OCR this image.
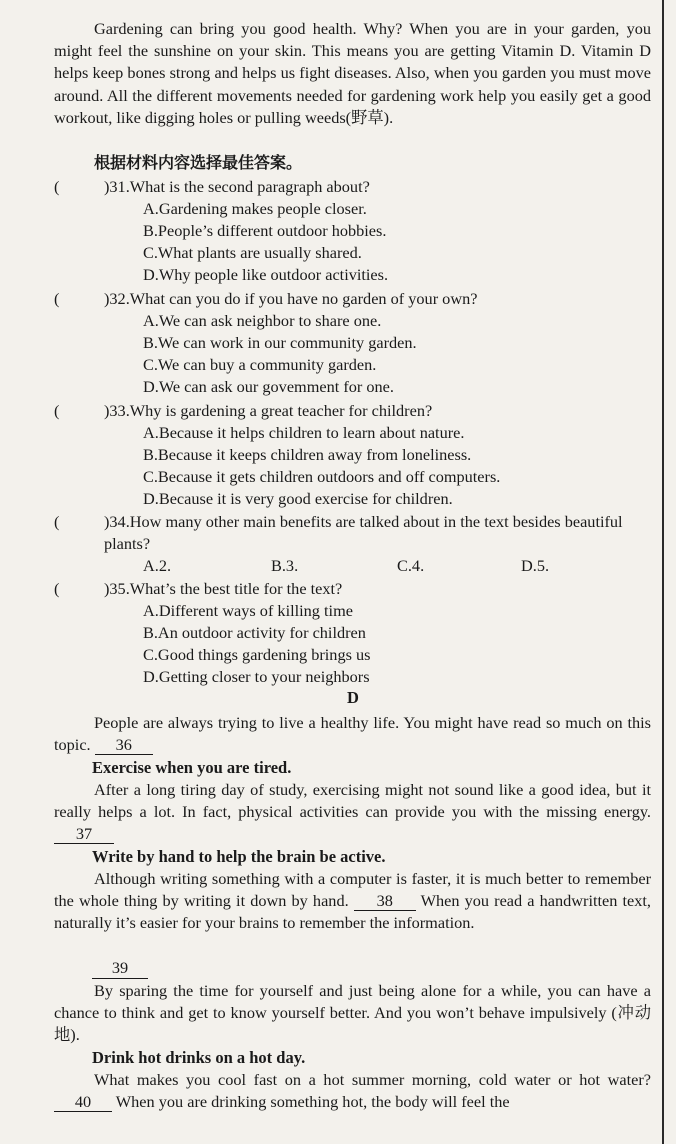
Gardening can bring you good health. Why? When you are in your garden, you might feel the sunshine on your skin. This means you are getting Vitamin D. Vitamin D helps keep bones strong and helps us fight diseases. Also, when you garden you must move around. All the different movements needed for gardening work help you easily get a good workout, like digging holes or pulling weeds(野草).

根据材料内容选择最佳答案。
(	)31.What is the second paragraph about?
A.Gardening makes people closer.
B.People’s different outdoor hobbies.
C.What plants are usually shared.
D.Why people like outdoor activities.
(	)32.What can you do if you have no garden of your own?
A.We can ask neighbor to share one.
B.We can work in our community garden.
C.We can buy a community garden.
D.We can ask our govemment for one.
(	)33.Why is gardening a great teacher for children?
A.Because it helps children to learn about nature.
B.Because it keeps children away from loneliness.
C.Because it gets children outdoors and off computers.
D.Because it is very good exercise for children.
(	)34.How many other main benefits are talked about in the text besides beautiful plants?
A.2.	B.3.	C.4.	D.5.
(	)35.What’s the best title for the text?
A.Different ways of killing time
B.An outdoor activity for children
C.Good things gardening brings us
D.Getting closer to your neighbors
D

People are always trying to live a healthy life. You might have read so much on this topic. 36

Exercise when you are tired.

After a long tiring day of study, exercising might not sound like a good idea, but it really helps a lot. In fact, physical activities can provide you with the missing energy. 37

Write by hand to help the brain be active.

Although writing something with a computer is faster, it is much better to remember the whole thing by writing it down by hand. 38 When you read a handwritten text, naturally it’s easier for your brains to remember the information.

39

By sparing the time for yourself and just being alone for a while, you can have a chance to think and get to know yourself better. And you won’t behave impulsively (冲动地).

Drink hot drinks on a hot day.

What makes you cool fast on a hot summer morning, cold water or hot water? 40 When you are drinking something hot, the body will feel the
